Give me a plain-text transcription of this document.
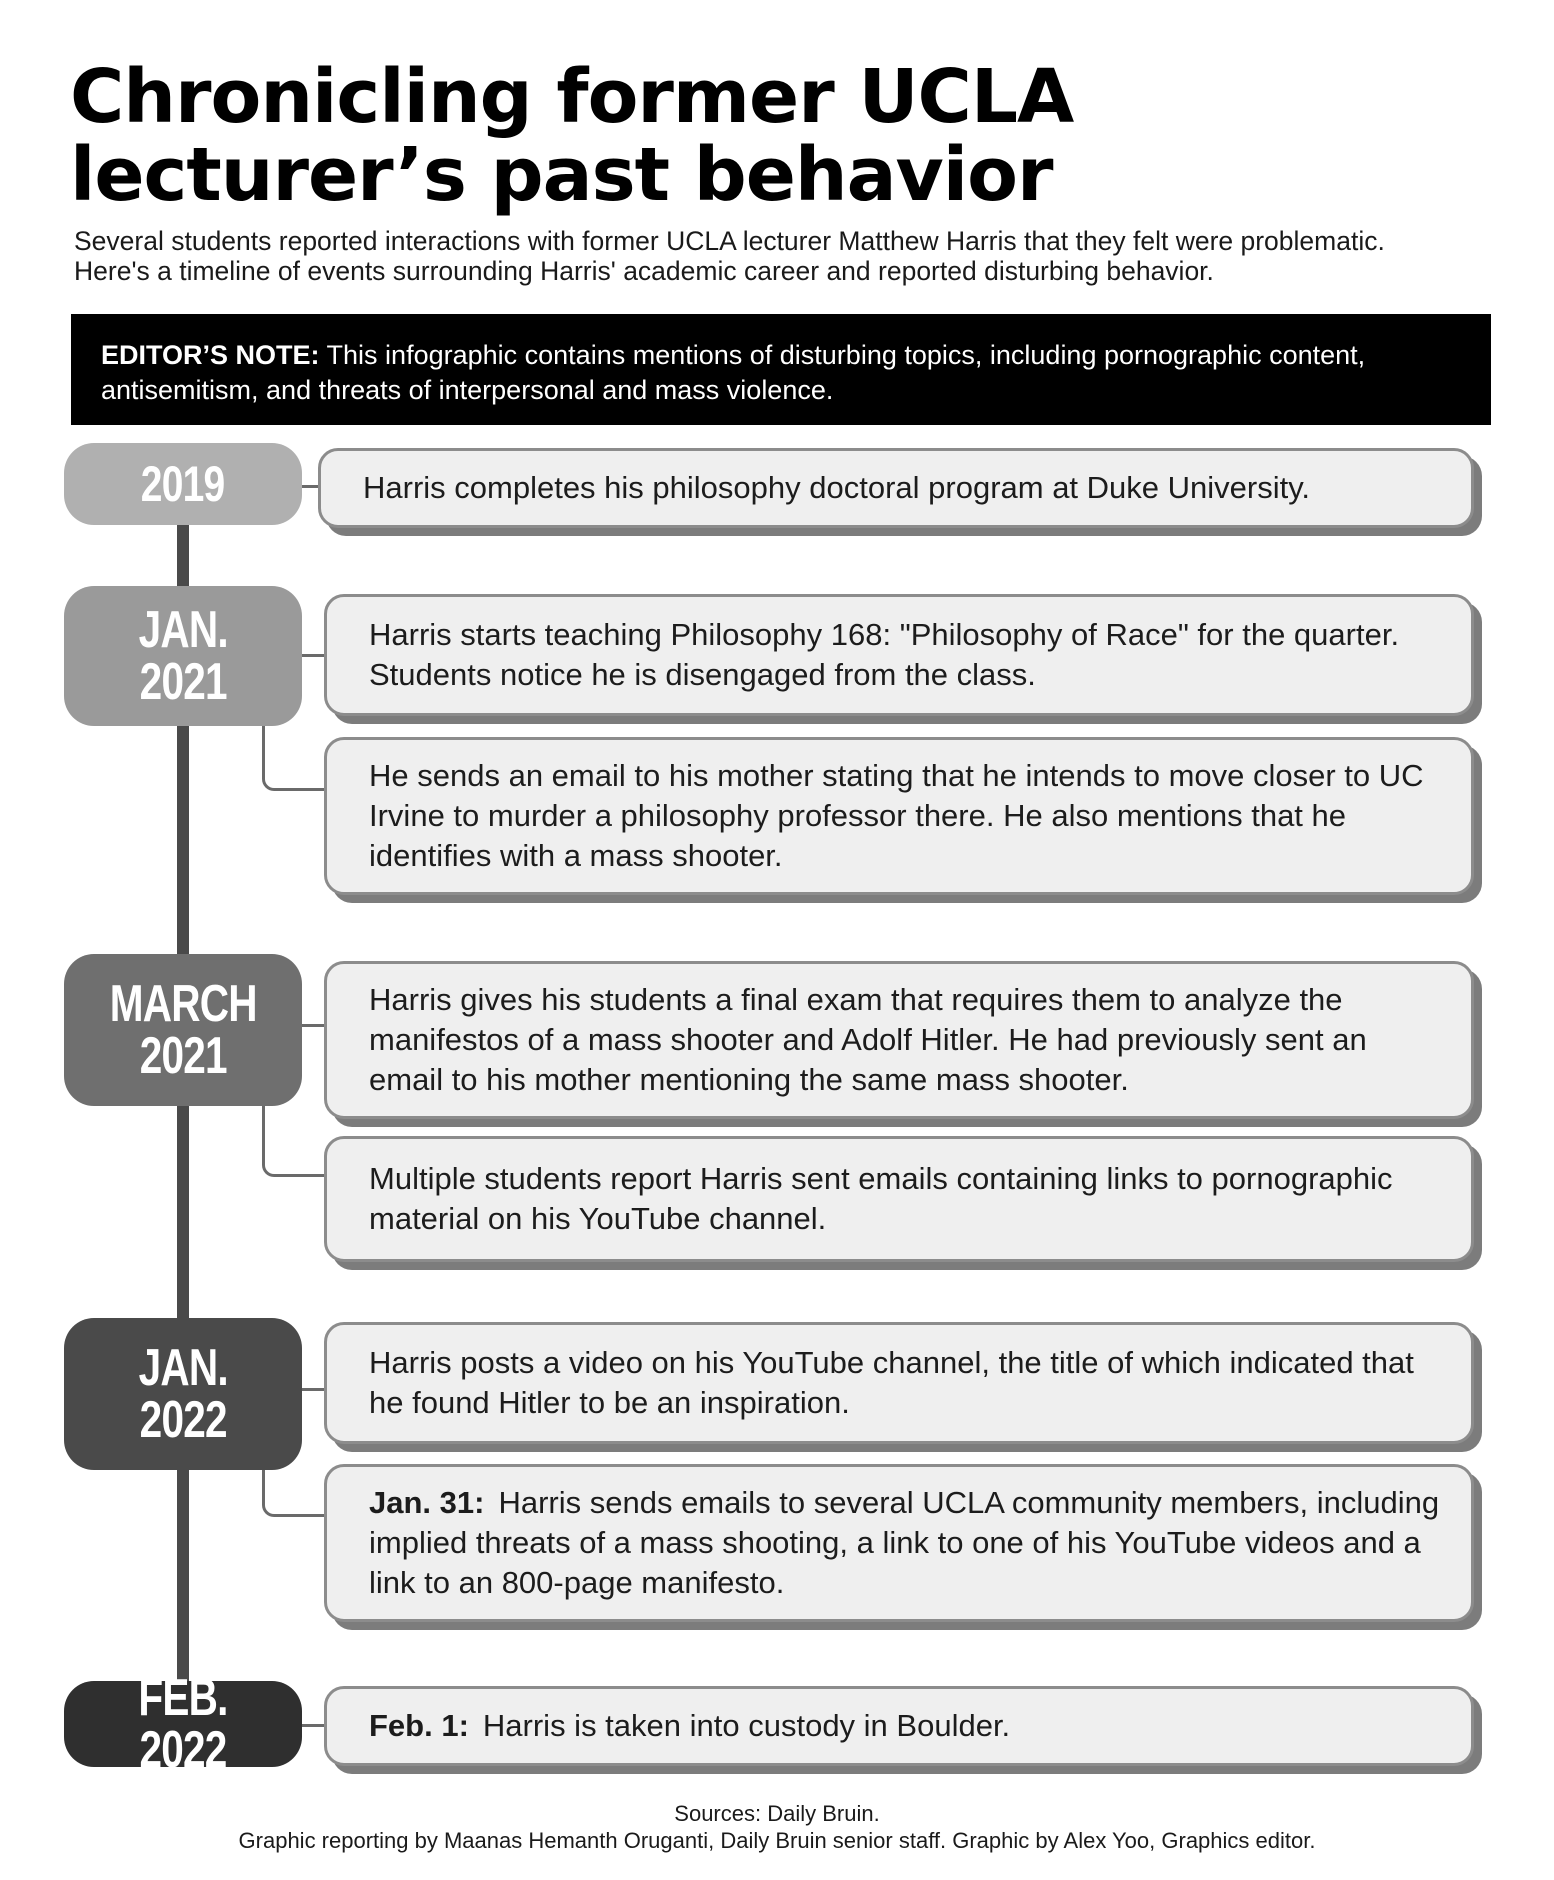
Chronicling former UCLA
lecturer’s past behavior
Several students reported interactions with former UCLA lecturer Matthew Harris that they felt were problematic.
Here's a timeline of events surrounding Harris' academic career and reported disturbing behavior.
EDITOR’S NOTE: This infographic contains mentions of disturbing topics, including pornographic content, antisemitism, and threats of interpersonal and mass violence.
2019
JAN.
2021
MARCH
2021
JAN.
2022
FEB. 2022
Harris completes his philosophy doctoral program at Duke University.
Harris starts teaching Philosophy 168: "Philosophy of Race" for the quarter. Students notice he is disengaged from the class.
He sends an email to his mother stating that he intends to move closer to UC Irvine to murder a philosophy professor there. He also mentions that he identifies with a mass shooter.
Harris gives his students a final exam that requires them to analyze the manifestos of a mass shooter and Adolf Hitler. He had previously sent an email to his mother mentioning the same mass shooter.
Multiple students report Harris sent emails containing links to pornographic material on his YouTube channel.
Harris posts a video on his YouTube channel, the title of which indicated that he found Hitler to be an inspiration.
Jan. 31: Harris sends emails to several UCLA community members, including implied threats of a mass shooting, a link to one of his YouTube videos and a link to an 800-page manifesto.
Feb. 1: Harris is taken into custody in Boulder.
Sources: Daily Bruin.
Graphic reporting by Maanas Hemanth Oruganti, Daily Bruin senior staff. Graphic by Alex Yoo, Graphics editor.
